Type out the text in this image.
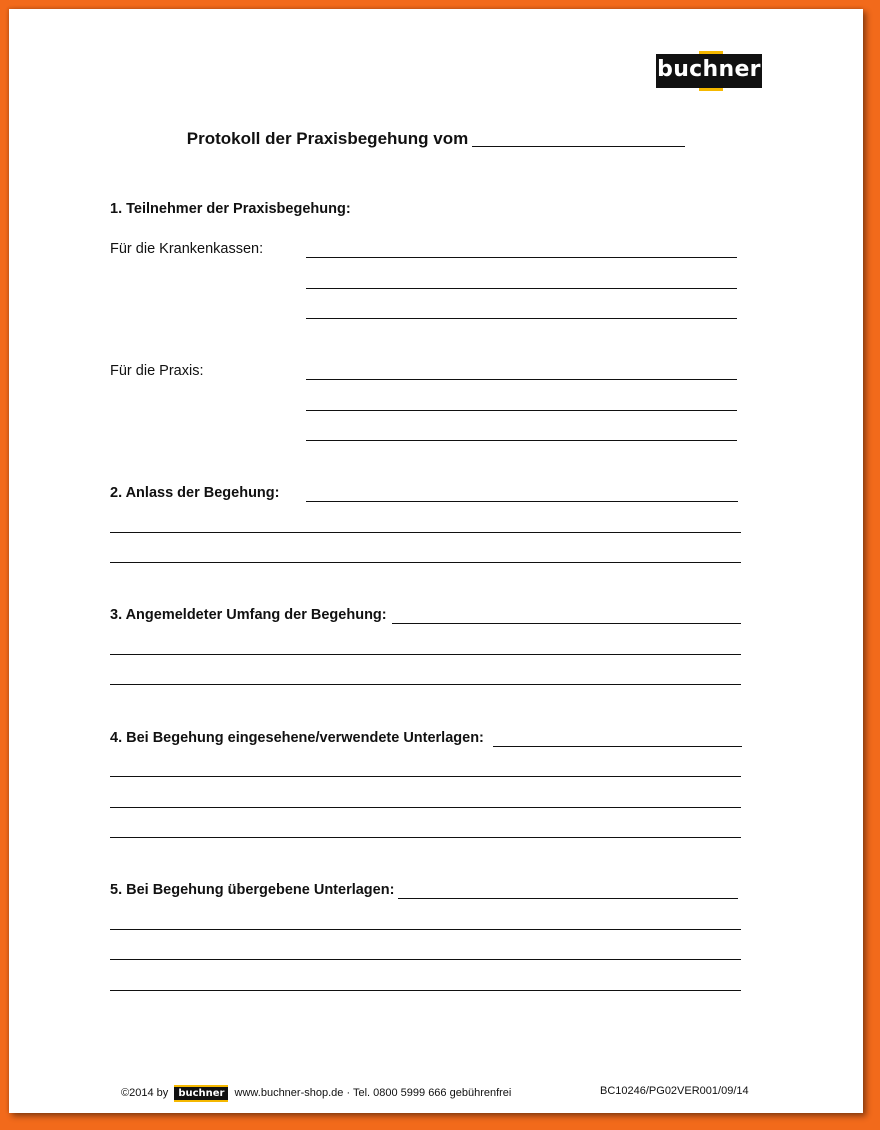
buchner
Protokoll der Praxisbegehung vom
1. Teilnehmer der Praxisbegehung:
Für die Krankenkassen:
Für die Praxis:
2. Anlass der Begehung:
3. Angemeldeter Umfang der Begehung:
4. Bei Begehung eingesehene/verwendete Unterlagen:
5. Bei Begehung übergebene Unterlagen:
©2014 by buchner www.buchner-shop.de · Tel. 0800 5999 666 gebührenfrei	BC10246/PG02VER001/09/14
